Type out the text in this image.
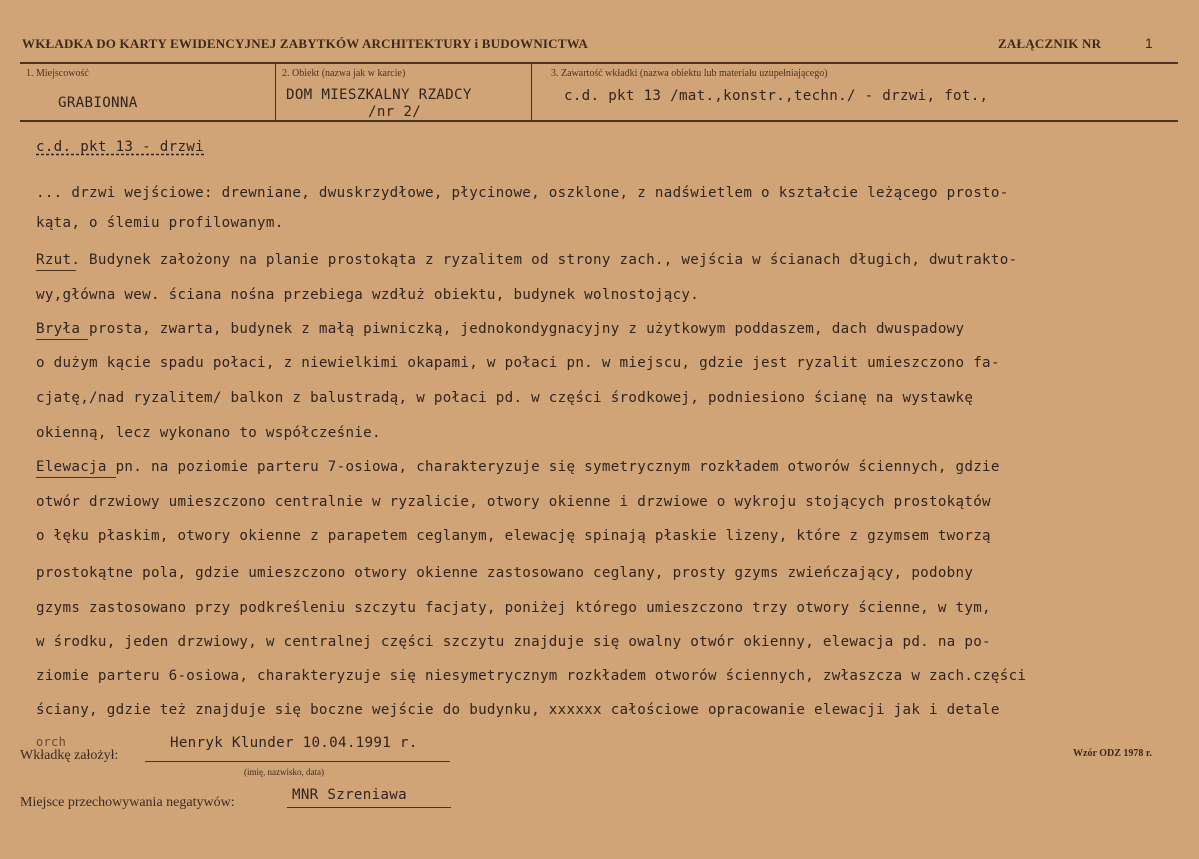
WKŁADKA DO KARTY EWIDENCYJNEJ ZABYTKÓW ARCHITEKTURY i BUDOWNICTWA	ZAŁĄCZNIK NR	1
1. Miejscowość
GRABIONNA
2. Obiekt (nazwa jak w karcie)
DOM MIESZKALNY RZADCY
/nr 2/
3. Zawartość wkładki (nazwa obiektu lub materiału uzupełniającego)
c.d. pkt 13 /mat.,konstr.,techn./ - drzwi, fot.,
c.d. pkt 13 - drzwi
... drzwi wejściowe: drewniane, dwuskrzydłowe, płycinowe, oszklone, z nadświetlem o kształcie leżącego prosto-
kąta, o ślemiu profilowanym.
Rzut. Budynek założony na planie prostokąta z ryzalitem od strony zach., wejścia w ścianach długich, dwutrakto-
wy,główna wew. ściana nośna przebiega wzdłuż obiektu, budynek wolnostojący.
Bryła prosta, zwarta, budynek z małą piwniczką, jednokondygnacyjny z użytkowym poddaszem, dach dwuspadowy
o dużym kącie spadu połaci, z niewielkimi okapami, w połaci pn. w miejscu, gdzie jest ryzalit umieszczono fa-
cjatę,/nad ryzalitem/ balkon z balustradą, w połaci pd. w części środkowej, podniesiono ścianę na wystawkę
okienną, lecz wykonano to współcześnie.
Elewacja pn. na poziomie parteru 7-osiowa, charakteryzuje się symetrycznym rozkładem otworów ściennych, gdzie
otwór drzwiowy umieszczono centralnie w ryzalicie, otwory okienne i drzwiowe o wykroju stojących prostokątów
o łęku płaskim, otwory okienne z parapetem ceglanym, elewację spinają płaskie lizeny, które z gzymsem tworzą
prostokątne pola, gdzie umieszczono otwory okienne zastosowano ceglany, prosty gzyms zwieńczający, podobny
gzyms zastosowano przy podkreśleniu szczytu facjaty, poniżej którego umieszczono trzy otwory ścienne, w tym,
w środku, jeden drzwiowy, w centralnej części szczytu znajduje się owalny otwór okienny, elewacja pd. na po-
ziomie parteru 6-osiowa, charakteryzuje się niesymetrycznym rozkładem otworów ściennych, zwłaszcza w zach.części
ściany, gdzie też znajduje się boczne wejście do budynku, xxxxxx całościowe opracowanie elewacji jak i detale
orch
Wkładkę założył:
Henryk Klunder 10.04.1991 r.
(imię, nazwisko, data)
Wzór ODZ 1978 r.
Miejsce przechowywania negatywów:	MNR Szreniawa
